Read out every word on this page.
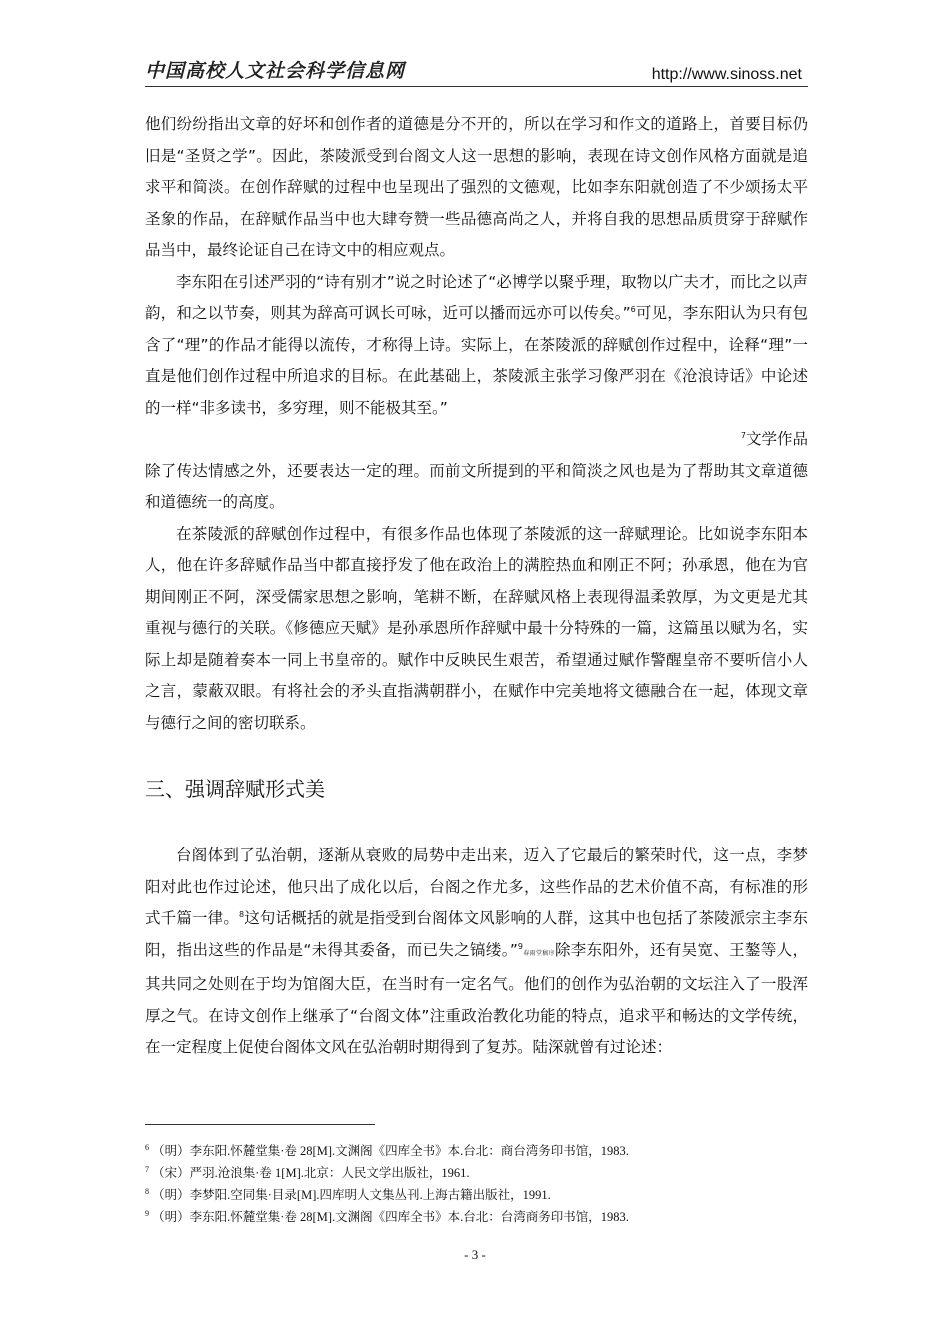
中国高校人文社会科学信息网	http://www.sinoss.net

他们纷纷指出文章的好坏和创作者的道德是分不开的，所以在学习和作文的道路上，首要目标仍旧是“圣贤之学”。因此，茶陵派受到台阁文人这一思想的影响，表现在诗文创作风格方面就是追求平和简淡。在创作辞赋的过程中也呈现出了强烈的文德观，比如李东阳就创造了不少颂扬太平圣象的作品，在辞赋作品当中也大肆夸赞一些品德高尚之人，并将自我的思想品质贯穿于辞赋作品当中，最终论证自己在诗文中的相应观点。

李东阳在引述严羽的“诗有别才”说之时论述了“必博学以聚乎理，取物以广夫才，而比之以声韵，和之以节奏，则其为辞高可讽长可咏，近可以播而远亦可以传矣。”$^6$可见，李东阳认为只有包含了“理”的作品才能得以流传，才称得上诗。实际上，在茶陵派的辞赋创作过程中，诠释“理”一直是他们创作过程中所追求的目标。在此基础上，茶陵派主张学习像严羽在《沧浪诗话》中论述的一样“非多读书，多穷理，则不能极其至。”
$^7$文学作品
除了传达情感之外，还要表达一定的理。而前文所提到的平和简淡之风也是为了帮助其文章道德和道德统一的高度。

在茶陵派的辞赋创作过程中，有很多作品也体现了茶陵派的这一辞赋理论。比如说李东阳本人，他在许多辞赋作品当中都直接抒发了他在政治上的满腔热血和刚正不阿；孙承恩，他在为官期间刚正不阿，深受儒家思想之影响，笔耕不断，在辞赋风格上表现得温柔敦厚，为文更是尤其重视与德行的关联。《修德应天赋》是孙承恩所作辞赋中最十分特殊的一篇，这篇虽以赋为名，实际上却是随着奏本一同上书皇帝的。赋作中反映民生艰苦，希望通过赋作警醒皇帝不要听信小人之言，蒙蔽双眼。有将社会的矛头直指满朝群小，在赋作中完美地将文德融合在一起，体现文章与德行之间的密切联系。

三、强调辞赋形式美

台阁体到了弘治朝，逐渐从衰败的局势中走出来，迈入了它最后的繁荣时代，这一点，李梦阳对此也作过论述，他只出了成化以后，台阁之作尤多，这些作品的艺术价值不高，有标准的形式千篇一律。$^8$这句话概括的就是指受到台阁体文风影响的人群，这其中也包括了茶陵派宗主李东阳，指出这些的作品是“未得其委备，而已失之镐缕。”$^9$春雨堂稿序除李东阳外，还有吴宽、王鏊等人，其共同之处则在于均为馆阁大臣，在当时有一定名气。他们的创作为弘治朝的文坛注入了一股浑厚之气。在诗文创作上继承了“台阁文体”注重政治教化功能的特点，追求平和畅达的文学传统，在一定程度上促使台阁体文风在弘治朝时期得到了复苏。陆深就曾有过论述：

$^6$ （明）李东阳.怀麓堂集·卷 28[M].文渊阁《四库全书》本.台北：商台湾务印书馆，1983.

$^7$ （宋）严羽.沧浪集·卷 1[M].北京：人民文学出版社，1961.

$^8$ （明）李梦阳.空同集·目录[M].四库明人文集丛刊.上海古籍出版社，1991.

$^9$ （明）李东阳.怀麓堂集·卷 28[M].文渊阁《四库全书》本.台北：台湾商务印书馆，1983.

- 3 -
